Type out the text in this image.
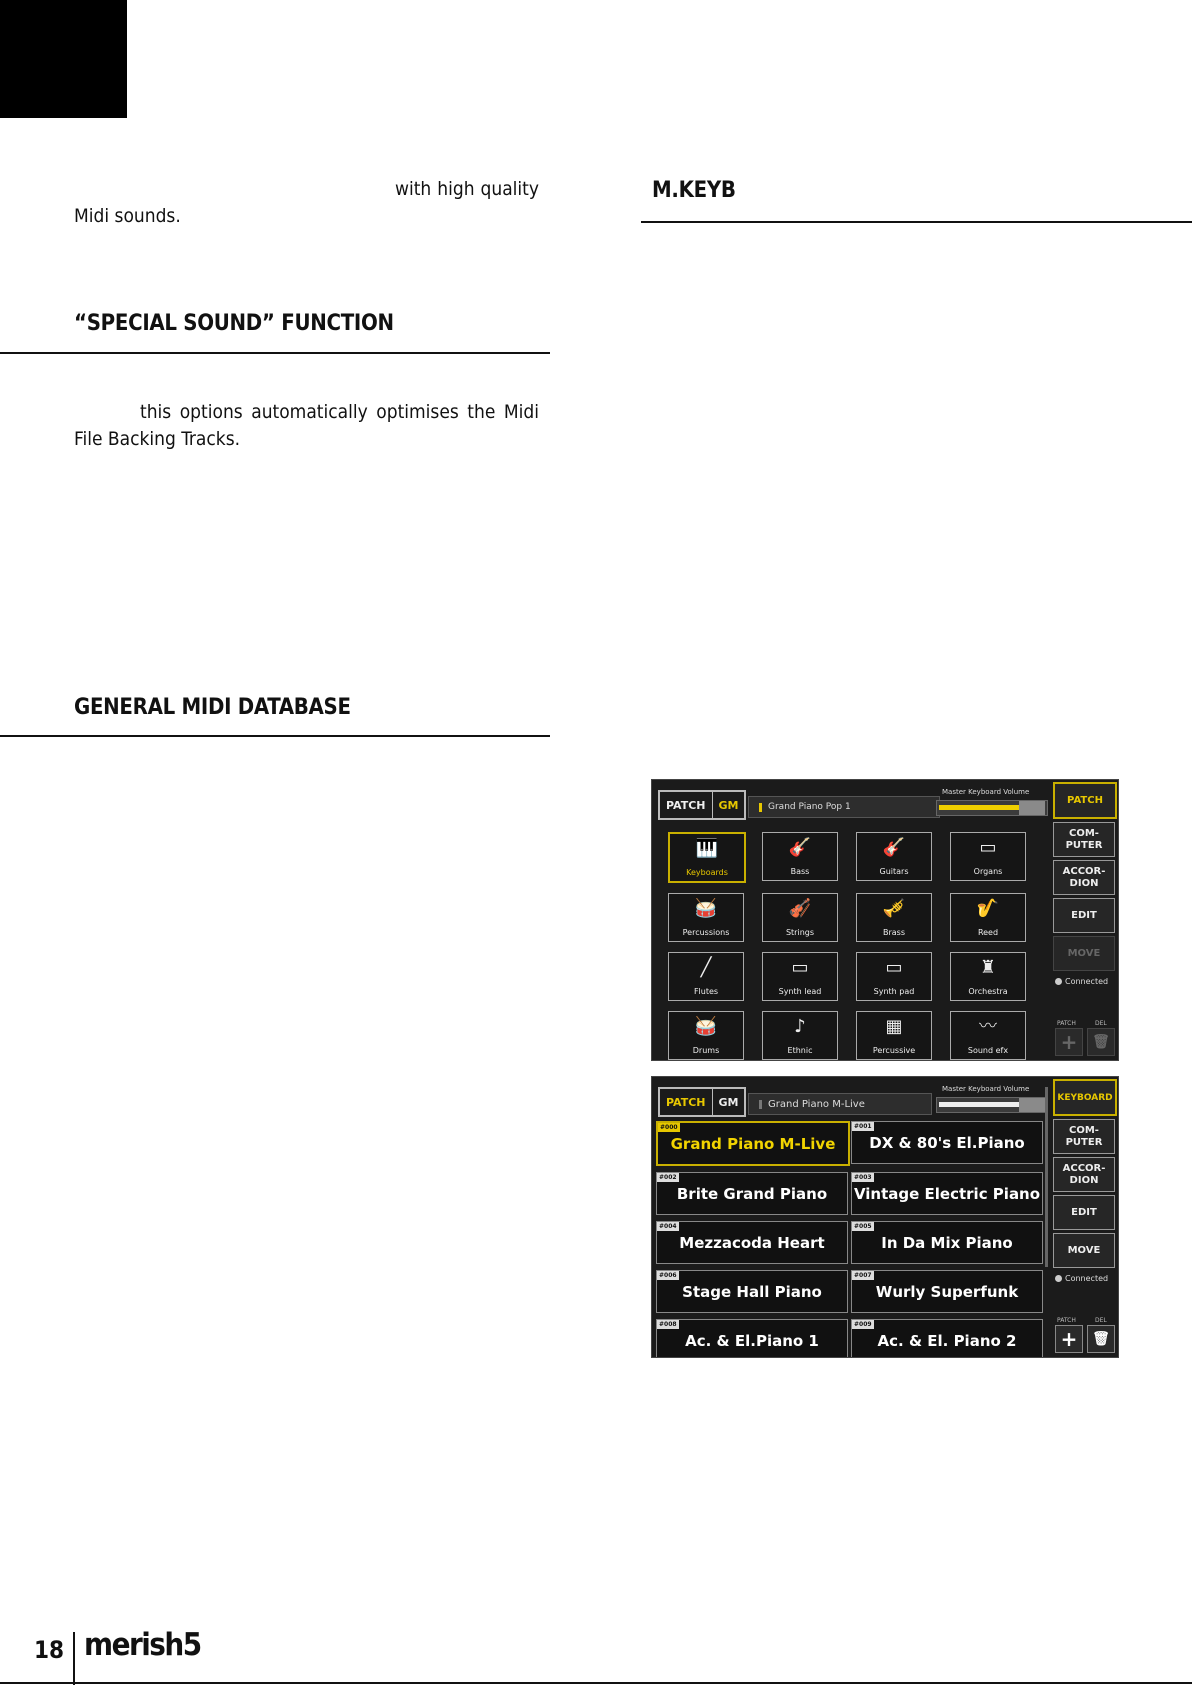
with high quality

Midi sounds.

“SPECIAL SOUND” FUNCTION

this options automatically optimises the Midi

File Backing Tracks.

GENERAL MIDI DATABASE
M.KEYB
PATCH	GM	Grand Piano Pop 1
Master Keyboard Volume
🎹
Keyboards
🎸
Bass
🎸
Guitars
▭
Organs
🥁
Percussions
🎻
Strings
🎺
Brass
🎷
Reed
╱
Flutes
▭
Synth lead
▭
Synth pad
♜
Orchestra
🥁
Drums
♪
Ethnic
▦
Percussive
〰
Sound efx
PATCH
COM-
PUTER
ACCOR-
DION
EDIT
MOVE
Connected
PATCH	DEL
+	🗑
PATCH	GM	Grand Piano M-Live
Master Keyboard Volume
#000
Grand Piano M-Live
#001
DX & 80's El.Piano
#002
Brite Grand Piano
#003
Vintage Electric Piano
#004
Mezzacoda Heart
#005
In Da Mix Piano
#006
Stage Hall Piano
#007
Wurly Superfunk
#008
Ac. & El.Piano 1
#009
Ac. & El. Piano 2
KEYBOARD
COM-
PUTER
ACCOR-
DION
EDIT
MOVE
Connected
PATCH	DEL
+	🗑
18 merish5
